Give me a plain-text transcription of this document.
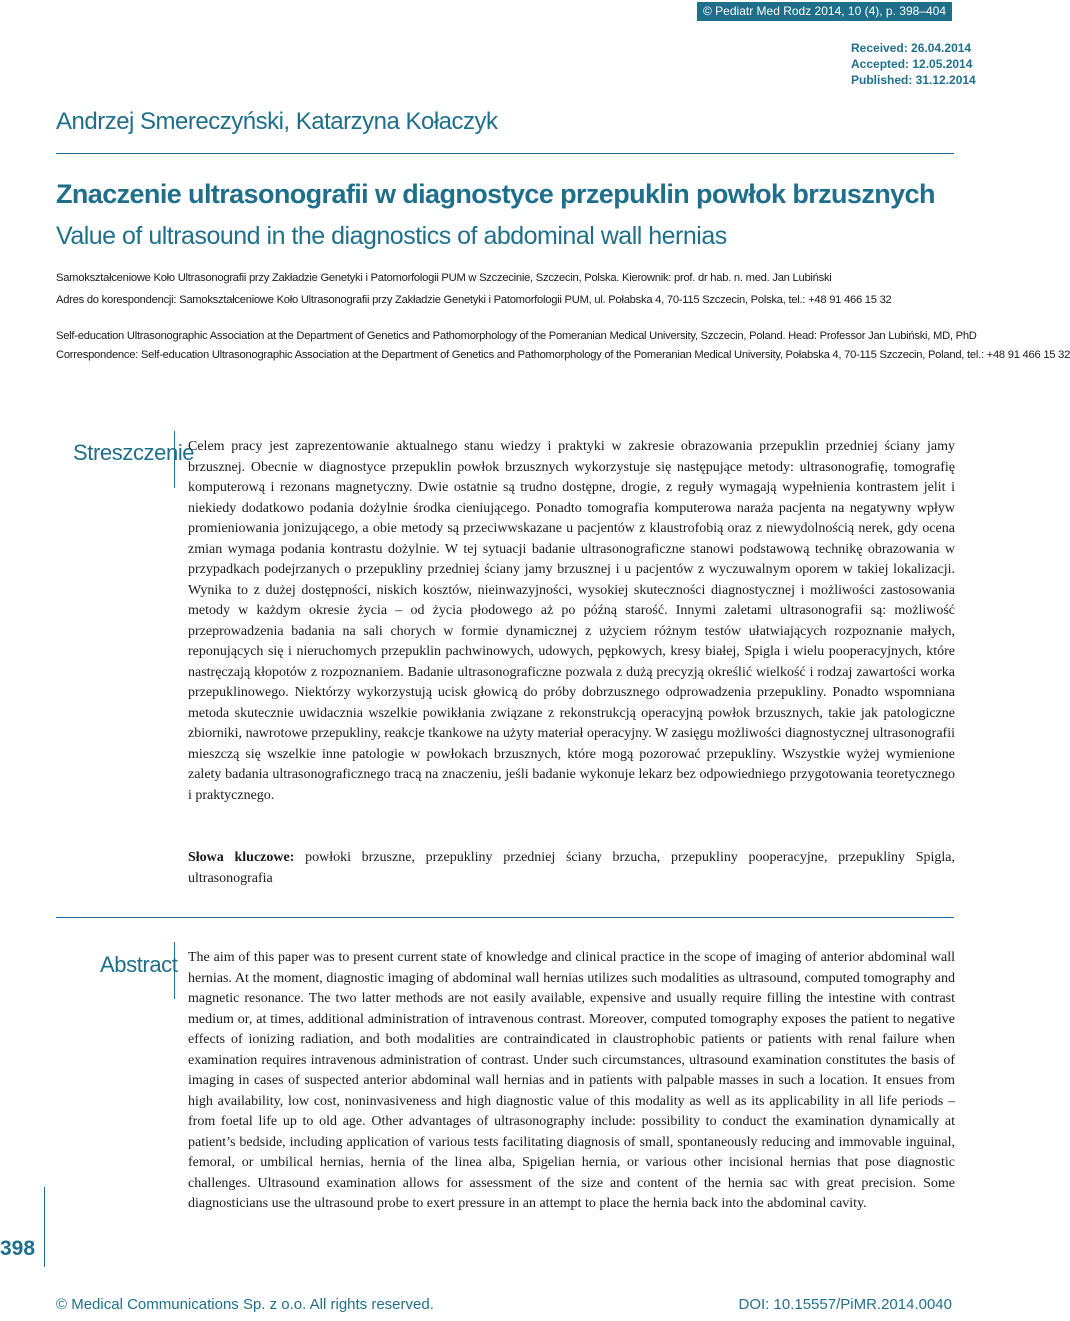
© Pediatr Med Rodz 2014, 10 (4), p. 398–404
Received: 26.04.2014
Accepted: 12.05.2014
Published: 31.12.2014
Andrzej Smereczyński, Katarzyna Kołaczyk
Znaczenie ultrasonografii w diagnostyce przepuklin powłok brzusznych
Value of ultrasound in the diagnostics of abdominal wall hernias
Samokształceniowe Koło Ultrasonografii przy Zakładzie Genetyki i Patomorfologii PUM w Szczecinie, Szczecin, Polska. Kierownik: prof. dr hab. n. med. Jan Lubiński
Adres do korespondencji: Samokształceniowe Koło Ultrasonografii przy Zakładzie Genetyki i Patomorfologii PUM, ul. Połabska 4, 70-115 Szczecin, Polska, tel.: +48 91 466 15 32
Self-education Ultrasonographic Association at the Department of Genetics and Pathomorphology of the Pomeranian Medical University, Szczecin, Poland. Head: Professor Jan Lubiński, MD, PhD
Correspondence: Self-education Ultrasonographic Association at the Department of Genetics and Pathomorphology of the Pomeranian Medical University, Połabska 4, 70-115 Szczecin, Poland, tel.: +48 91 466 15 32
Streszczenie
Celem pracy jest zaprezentowanie aktualnego stanu wiedzy i praktyki w zakresie obrazowania przepuklin przedniej ściany jamy brzusznej. Obecnie w diagnostyce przepuklin powłok brzusznych wykorzystuje się następujące metody: ultrasonografię, tomografię komputerową i rezonans magnetyczny. Dwie ostatnie są trudno dostępne, drogie, z reguły wymagają wypełnienia kontrastem jelit i niekiedy dodatkowo podania dożylnie środka cieniującego. Ponadto tomografia komputerowa naraża pacjenta na negatywny wpływ promieniowania jonizującego, a obie metody są przeciwwskazane u pacjentów z klaustrofobią oraz z niewydolnością nerek, gdy ocena zmian wymaga podania kontrastu dożylnie. W tej sytuacji badanie ultrasonograficzne stanowi podstawową technikę obrazowania w przypadkach podejrzanych o przepukliny przedniej ściany jamy brzusznej i u pacjentów z wyczuwalnym oporem w takiej lokalizacji. Wynika to z dużej dostępności, niskich kosztów, nieinwazyjności, wysokiej skuteczności diagnostycznej i możliwości zastosowania metody w każdym okresie życia – od życia płodowego aż po późną starość. Innymi zaletami ultrasonografii są: możliwość przeprowadzenia badania na sali chorych w formie dynamicznej z użyciem różnym testów ułatwiających rozpoznanie małych, reponujących się i nieruchomych przepuklin pachwinowych, udowych, pępkowych, kresy białej, Spigla i wielu pooperacyjnych, które nastręczają kłopotów z rozpoznaniem. Badanie ultrasonograficzne pozwala z dużą precyzją określić wielkość i rodzaj zawartości worka przepuklinowego. Niektórzy wykorzystują ucisk głowicą do próby dobrzusznego odprowadzenia przepukliny. Ponadto wspomniana metoda skutecznie uwidacznia wszelkie powikłania związane z rekonstrukcją operacyjną powłok brzusznych, takie jak patologiczne zbiorniki, nawrotowe przepukliny, reakcje tkankowe na użyty materiał operacyjny. W zasięgu możliwości diagnostycznej ultrasonografii mieszczą się wszelkie inne patologie w powłokach brzusznych, które mogą pozorować przepukliny. Wszystkie wyżej wymienione zalety badania ultrasonograficznego tracą na znaczeniu, jeśli badanie wykonuje lekarz bez odpowiedniego przygotowania teoretycznego i praktycznego.
Słowa kluczowe: powłoki brzuszne, przepukliny przedniej ściany brzucha, przepukliny pooperacyjne, przepukliny Spigla, ultrasonografia
Abstract The aim of this paper was to present current state of knowledge and clinical practice in the scope of imaging of anterior abdominal wall hernias. At the moment, diagnostic imaging of abdominal wall hernias utilizes such modalities as ultrasound, computed tomography and magnetic resonance. The two latter methods are not easily available, expensive and usually require filling the intestine with contrast medium or, at times, additional administration of intravenous contrast. Moreover, computed tomography exposes the patient to negative effects of ionizing radiation, and both modalities are contraindicated in claustrophobic patients or patients with renal failure when examination requires intravenous administration of contrast. Under such circumstances, ultrasound examination constitutes the basis of imaging in cases of suspected anterior abdominal wall hernias and in patients with palpable masses in such a location. It ensues from high availability, low cost, noninvasiveness and high diagnostic value of this modality as well as its applicability in all life periods – from foetal life up to old age. Other advantages of ultrasonography include: possibility to conduct the examination dynamically at patient’s bedside, including application of various tests facilitating diagnosis of small, spontaneously reducing and immovable inguinal, femoral, or umbilical hernias, hernia of the linea alba, Spigelian hernia, or various other incisional hernias that pose diagnostic challenges. Ultrasound examination allows for assessment of the size and content of the hernia sac with great precision. Some diagnosticians use the ultrasound probe to exert pressure in an attempt to place the hernia back into the abdominal cavity.
398
© Medical Communications Sp. z o.o. All rights reserved.	DOI: 10.15557/PiMR.2014.0040
